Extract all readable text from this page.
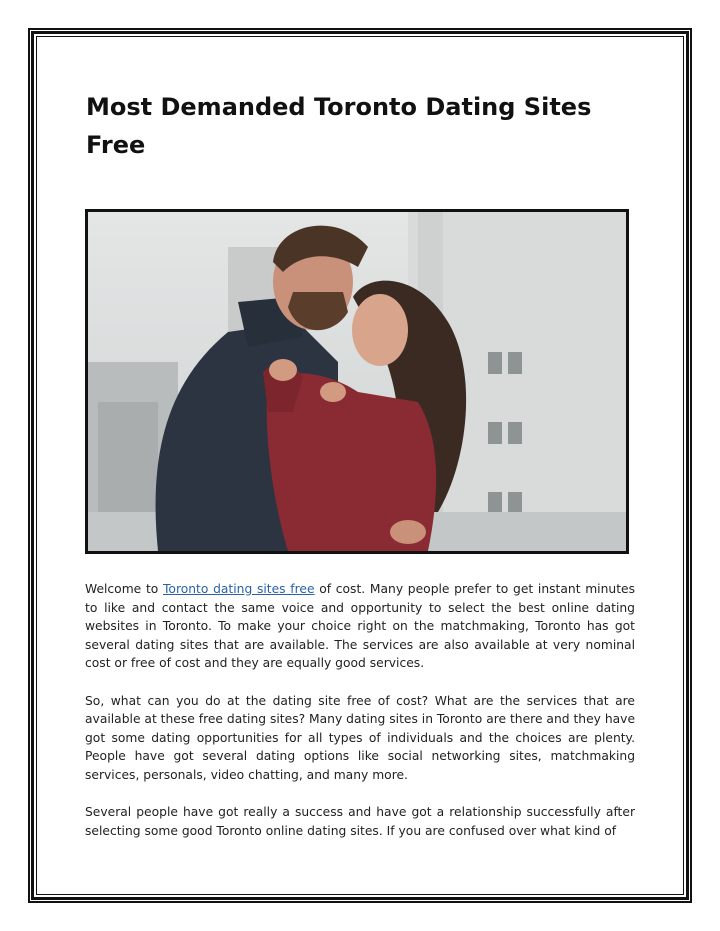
Most Demanded Toronto Dating Sites Free

Welcome to Toronto dating sites free of cost. Many people prefer to get instant minutes to like and contact the same voice and opportunity to select the best online dating websites in Toronto. To make your choice right on the matchmaking, Toronto has got several dating sites that are available. The services are also available at very nominal cost or free of cost and they are equally good services.

So, what can you do at the dating site free of cost? What are the services that are available at these free dating sites? Many dating sites in Toronto are there and they have got some dating opportunities for all types of individuals and the choices are plenty. People have got several dating options like social networking sites, matchmaking services, personals, video chatting, and many more.

Several people have got really a success and have got a relationship successfully after selecting some good Toronto online dating sites. If you are confused over what kind of
